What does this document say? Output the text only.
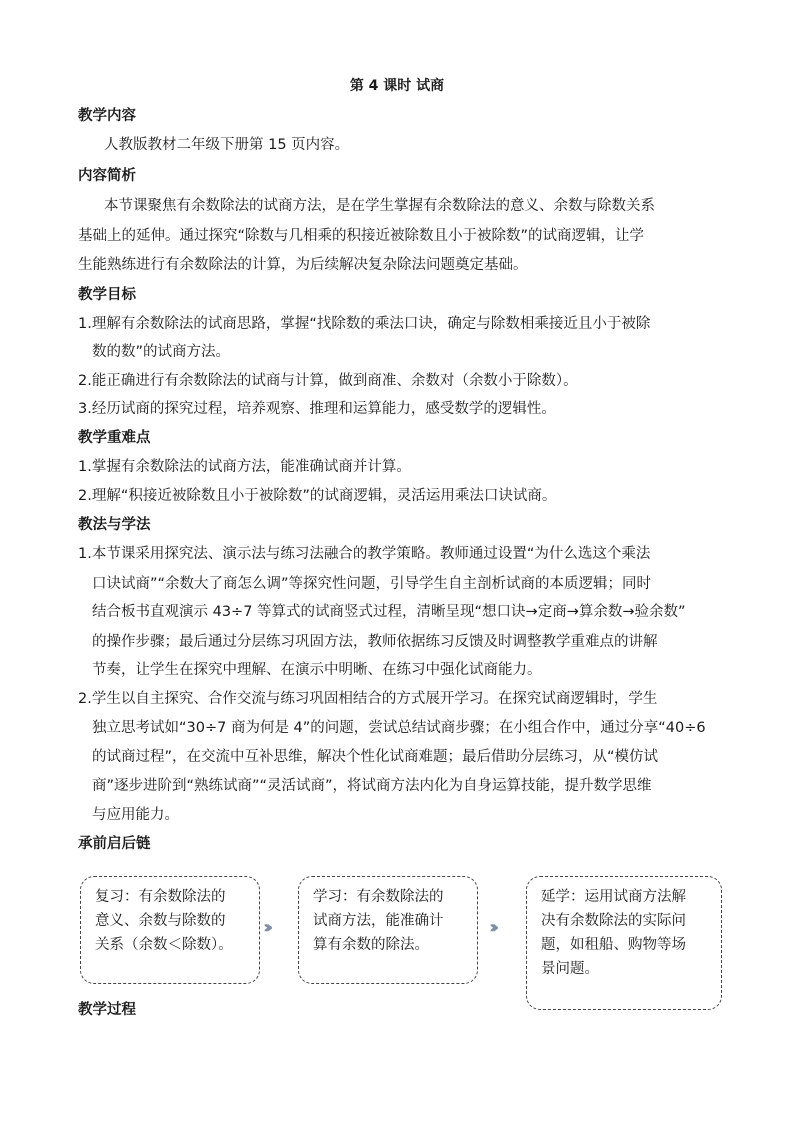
第 4 课时 试商
教学内容
人教版教材二年级下册第 15 页内容。
内容简析
本节课聚焦有余数除法的试商方法，是在学生掌握有余数除法的意义、余数与除数关系
基础上的延伸。通过探究“除数与几相乘的积接近被除数且小于被除数”的试商逻辑，让学
生能熟练进行有余数除法的计算，为后续解决复杂除法问题奠定基础。
教学目标
1.理解有余数除法的试商思路，掌握“找除数的乘法口诀，确定与除数相乘接近且小于被除
数的数”的试商方法。
2.能正确进行有余数除法的试商与计算，做到商准、余数对（余数小于除数）。
3.经历试商的探究过程，培养观察、推理和运算能力，感受数学的逻辑性。
教学重难点
1.掌握有余数除法的试商方法，能准确试商并计算。
2.理解“积接近被除数且小于被除数”的试商逻辑，灵活运用乘法口诀试商。
教法与学法
1.本节课采用探究法、演示法与练习法融合的教学策略。教师通过设置“为什么选这个乘法
口诀试商”“余数大了商怎么调”等探究性问题，引导学生自主剖析试商的本质逻辑；同时
结合板书直观演示 43÷7 等算式的试商竖式过程，清晰呈现“想口诀→定商→算余数→验余数”
的操作步骤；最后通过分层练习巩固方法，教师依据练习反馈及时调整教学重难点的讲解
节奏，让学生在探究中理解、在演示中明晰、在练习中强化试商能力。
2.学生以自主探究、合作交流与练习巩固相结合的方式展开学习。在探究试商逻辑时，学生
独立思考试如“30÷7 商为何是 4”的问题，尝试总结试商步骤；在小组合作中，通过分享“40÷6
的试商过程”，在交流中互补思维，解决个性化试商难题；最后借助分层练习，从“模仿试
商”逐步进阶到“熟练试商”“灵活试商”，将试商方法内化为自身运算技能，提升数学思维
与应用能力。
承前启后链
复习：有余数除法的
意义、余数与除数的
关系（余数＜除数）。
›››
学习：有余数除法的
试商方法，能准确计
算有余数的除法。
›››
延学：运用试商方法解
决有余数除法的实际问
题，如租船、购物等场
景问题。
教学过程
